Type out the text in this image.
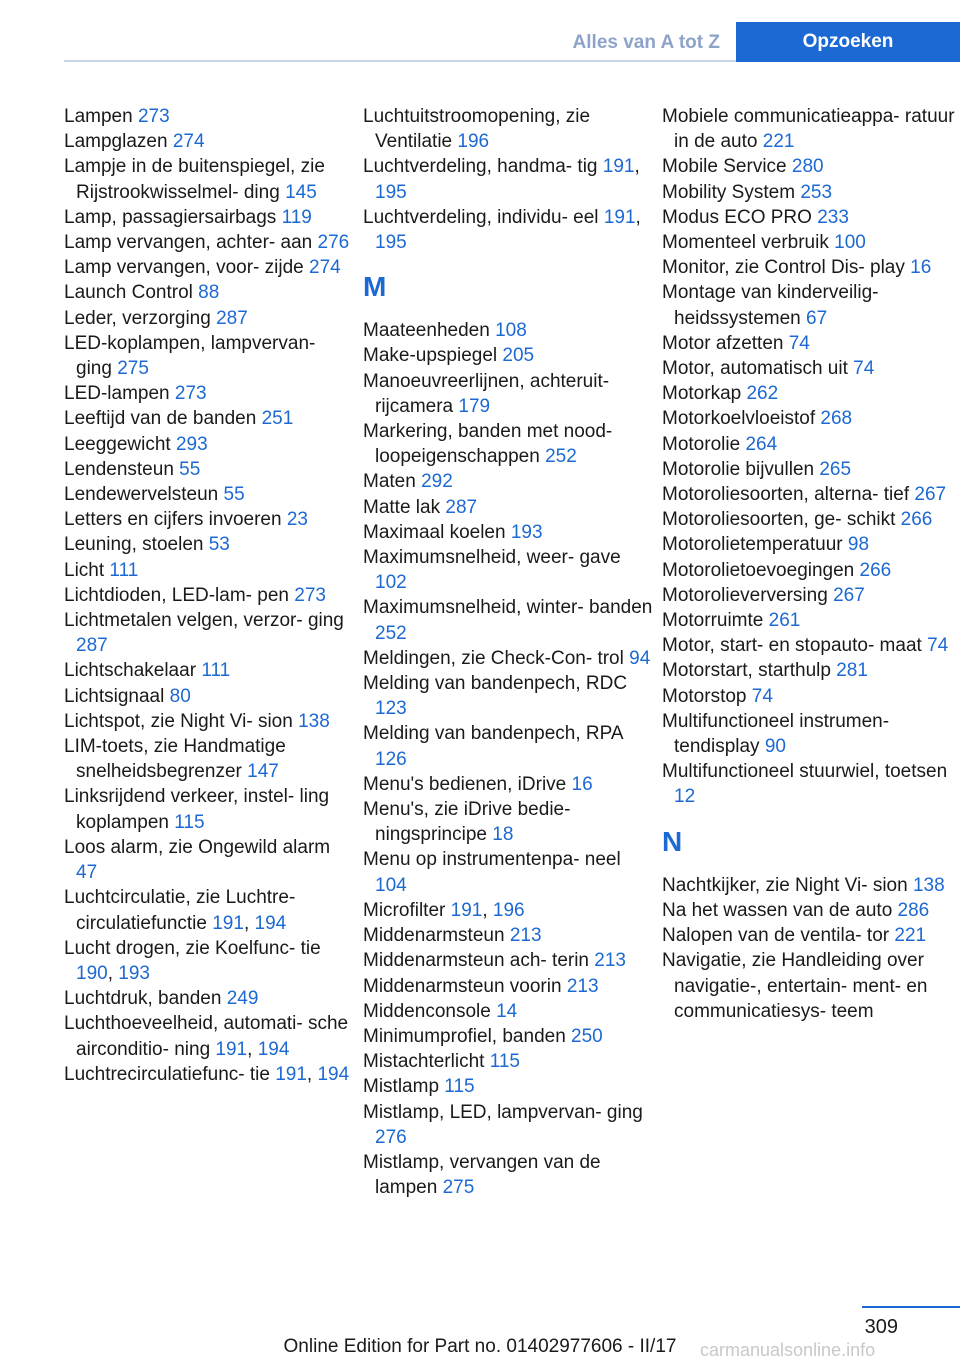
Alles van A tot Z	Opzoeken
Lampen 273
Lampglazen 274
Lampje in de buitenspiegel, zie Rijstrookwisselmel‐ ding 145
Lamp, passagiersairbags 119
Lamp vervangen, achter‐ aan 276
Lamp vervangen, voor‐ zijde 274
Launch Control 88
Leder, verzorging 287
LED-koplampen, lampvervan‐ ging 275
LED-lampen 273
Leeftijd van de banden 251
Leeggewicht 293
Lendensteun 55
Lendewervelsteun 55
Letters en cijfers invoeren 23
Leuning, stoelen 53
Licht 111
Lichtdioden, LED-lam‐ pen 273
Lichtmetalen velgen, verzor‐ ging 287
Lichtschakelaar 111
Lichtsignaal 80
Lichtspot, zie Night Vi‐ sion 138
LIM-toets, zie Handmatige snelheidsbegrenzer 147
Linksrijdend verkeer, instel‐ ling koplampen 115
Loos alarm, zie Ongewild alarm 47
Luchtcirculatie, zie Luchtre‐ circulatiefunctie 191, 194
Lucht drogen, zie Koelfunc‐ tie 190, 193
Luchtdruk, banden 249
Luchthoeveelheid, automati‐ sche airconditio‐ ning 191, 194
Luchtrecirculatiefunc‐ tie 191, 194
Luchtuitstroomopening, zie Ventilatie 196
Luchtverdeling, handma‐ tig 191, 195
Luchtverdeling, individu‐ eel 191, 195
M
Maateenheden 108
Make-upspiegel 205
Manoeuvreerlijnen, achteruit‐ rijcamera 179
Markering, banden met nood‐ loopeigenschappen 252
Maten 292
Matte lak 287
Maximaal koelen 193
Maximumsnelheid, weer‐ gave 102
Maximumsnelheid, winter‐ banden 252
Meldingen, zie Check-Con‐ trol 94
Melding van bandenpech, RDC 123
Melding van bandenpech, RPA 126
Menu's bedienen, iDrive 16
Menu's, zie iDrive bedie‐ ningsprincipe 18
Menu op instrumentenpa‐ neel 104
Microfilter 191, 196
Middenarmsteun 213
Middenarmsteun ach‐ terin 213
Middenarmsteun voorin 213
Middenconsole 14
Minimumprofiel, banden 250
Mistachterlicht 115
Mistlamp 115
Mistlamp, LED, lampvervan‐ ging 276
Mistlamp, vervangen van de lampen 275
Mobiele communicatieappa‐ ratuur in de auto 221
Mobile Service 280
Mobility System 253
Modus ECO PRO 233
Momenteel verbruik 100
Monitor, zie Control Dis‐ play 16
Montage van kinderveilig‐ heidssystemen 67
Motor afzetten 74
Motor, automatisch uit 74
Motorkap 262
Motorkoelvloeistof 268
Motorolie 264
Motorolie bijvullen 265
Motoroliesoorten, alterna‐ tief 267
Motoroliesoorten, ge‐ schikt 266
Motorolietemperatuur 98
Motorolietoevoegingen 266
Motorolieverversing 267
Motorruimte 261
Motor, start- en stopauto‐ maat 74
Motorstart, starthulp 281
Motorstop 74
Multifunctioneel instrumen‐ tendisplay 90
Multifunctioneel stuurwiel, toetsen 12
N
Nachtkijker, zie Night Vi‐ sion 138
Na het wassen van de auto 286
Nalopen van de ventila‐ tor 221
Navigatie, zie Handleiding over navigatie-, entertain‐ ment- en communicatiesys‐ teem
309
Online Edition for Part no. 01402977606 - II/17	carmanualsonline.info
